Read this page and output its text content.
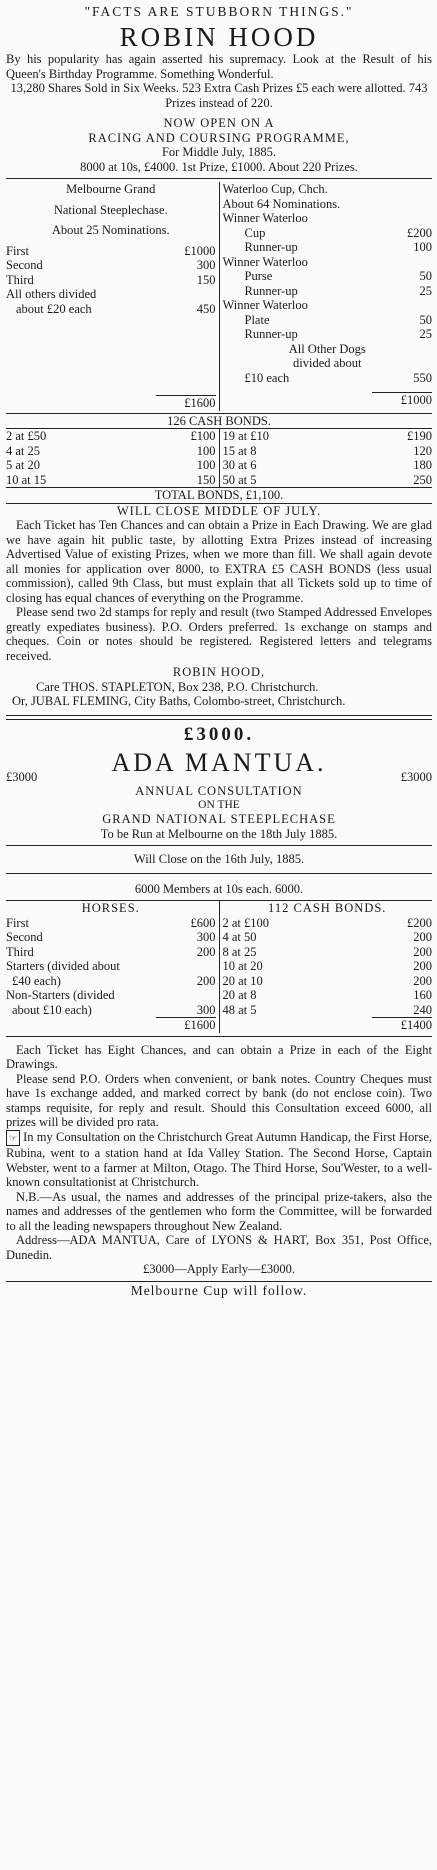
"FACTS ARE STUBBORN THINGS."
ROBIN HOOD
By his popularity has again asserted his supremacy. Look at the Result of his Queen's Birthday Programme. Something Wonderful.
13,280 Shares Sold in Six Weeks. 523 Extra Cash Prizes £5 each were allotted. 743 Prizes instead of 220.
NOW OPEN ON A
RACING AND COURSING PROGRAMME,
For Middle July, 1885.
8000 at 10s, £4000. 1st Prize, £1000. About 220 Prizes.
Melbourne Grand
National Steeplechase.
About 25 Nominations.
First	£1000
Second	300
Third	150
All others divided
about £20 each	450
£1600
Waterloo Cup, Chch.
About 64 Nominations.
Winner Waterloo
Cup	£200
Runner-up	100
Winner Waterloo
Purse	50
Runner-up	25
Winner Waterloo
Plate	50
Runner-up	25
All Other Dogs
divided about
£10 each	550
£1000
126 CASH BONDS.
2 at £50	£100
4 at 25	100
5 at 20	100
10 at 15	150
19 at £10	£190
15 at 8	120
30 at 6	180
50 at 5	250
TOTAL BONDS, £1,100.
WILL CLOSE MIDDLE OF JULY.
Each Ticket has Ten Chances and can obtain a Prize in Each Drawing. We are glad we have again hit public taste, by allotting Extra Prizes instead of increasing Advertised Value of existing Prizes, when we more than fill. We shall again devote all monies for application over 8000, to EXTRA £5 CASH BONDS (less usual commission), called 9th Class, but must explain that all Tickets sold up to time of closing has equal chances of everything on the Programme.
Please send two 2d stamps for reply and result (two Stamped Addressed Envelopes greatly expediates business). P.O. Orders preferred. 1s exchange on stamps and cheques. Coin or notes should be registered. Registered letters and telegrams received.
ROBIN HOOD,
Care THOS. STAPLETON, Box 238, P.O. Christchurch.
Or, JUBAL FLEMING, City Baths, Colombo-street, Christchurch.
£3000.
ADA MANTUA.
£3000	£3000
ANNUAL CONSULTATION
ON THE
GRAND NATIONAL STEEPLECHASE
To be Run at Melbourne on the 18th July 1885.
Will Close on the 16th July, 1885.
6000 Members at 10s each. 6000.
HORSES.
First	£600
Second	300
Third	200
Starters (divided about
£40 each)	200
Non-Starters (divided
about £10 each)	300
£1600
112 CASH BONDS.
2 at £100	£200
4 at 50	200
8 at 25	200
10 at 20	200
20 at 10	200
20 at 8	160
48 at 5	240
£1400
Each Ticket has Eight Chances, and can obtain a Prize in each of the Eight Drawings.
Please send P.O. Orders when convenient, or bank notes. Country Cheques must have 1s exchange added, and marked correct by bank (do not enclose coin). Two stamps requisite, for reply and result. Should this Consultation exceed 6000, all prizes will be divided pro rata.
☞ In my Consultation on the Christchurch Great Autumn Handicap, the First Horse, Rubina, went to a station hand at Ida Valley Station. The Second Horse, Captain Webster, went to a farmer at Milton, Otago. The Third Horse, Sou'Wester, to a well-known consultationist at Christchurch.
N.B.—As usual, the names and addresses of the principal prize-takers, also the names and addresses of the gentlemen who form the Committee, will be forwarded to all the leading newspapers throughout New Zealand.
Address—ADA MANTUA, Care of LYONS & HART, Box 351, Post Office, Dunedin.
£3000—Apply Early—£3000.
Melbourne Cup will follow.
